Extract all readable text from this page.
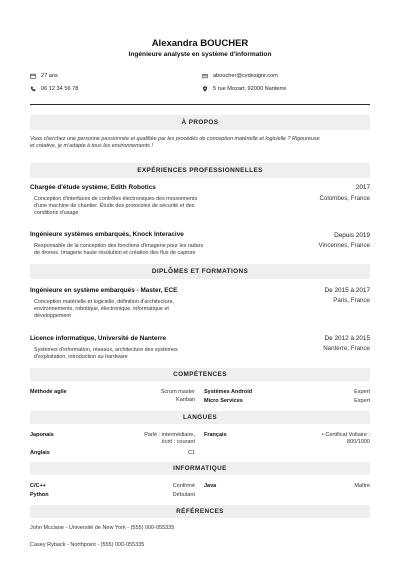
Alexandra BOUCHER
Ingénieure analyste en système d'information
27 ans
06 12 34 56 78
aboucher@cvdesignr.com
5 rue Mozart, 92000 Nanterre
À PROPOS
Vous cherchez une personne passionnée et qualifiée par les procédés de conception matérielle et logicielle ? Rigoureuse
et créative, je m'adapte à tous les environnements !
EXPÉRIENCES PROFESSIONNELLES
Chargée d'étude système, Edith Robotics	2017
Colombes, France
Conception d'interfaces de contrôles électroniques des mouvements
d'une machine de chantier. Étude des protocoles de sécurité et des
conditions d'usage
Ingénieure systèmes embarqués, Knock Interacive	Depuis 2019
Vincennes, France
Responsable de la conception des fonctions d'imagerie pour les radars
de drones. Imagerie haute résolution et création des flux de capture
DIPLÔMES ET FORMATIONS
Ingénieure en système embarqués - Master, ECE	De 2015 à 2017
Paris, France
Conception matérielle et logicielle, définition d'architecture,
environnements, robotique, électronique, informatique et
développement
Licence informatique, Université de Nanterre	De 2012 à 2015
Nanterre, France
Systèmes d'information, réseaux, architecture des systèmes
d'exploitation, introduction au hardware
COMPÉTENCES
Méthode agile	Scrum master
Kanban
Systèmes Android	Expert
Micro Services	Expert
LANGUES
Japonais	Parlé : intermédiaire,
écrit : courant
Anglais	C1
Français	• Certificat Voltaire :
800/1000
INFORMATIQUE
C/C++	Confirmé
Python	Débutant
Java	Maître
RÉFÉRENCES
John Mcclane - Université de New York - (555) 000-055335
Casey Ryback - Northpoint - (555) 000-055335
